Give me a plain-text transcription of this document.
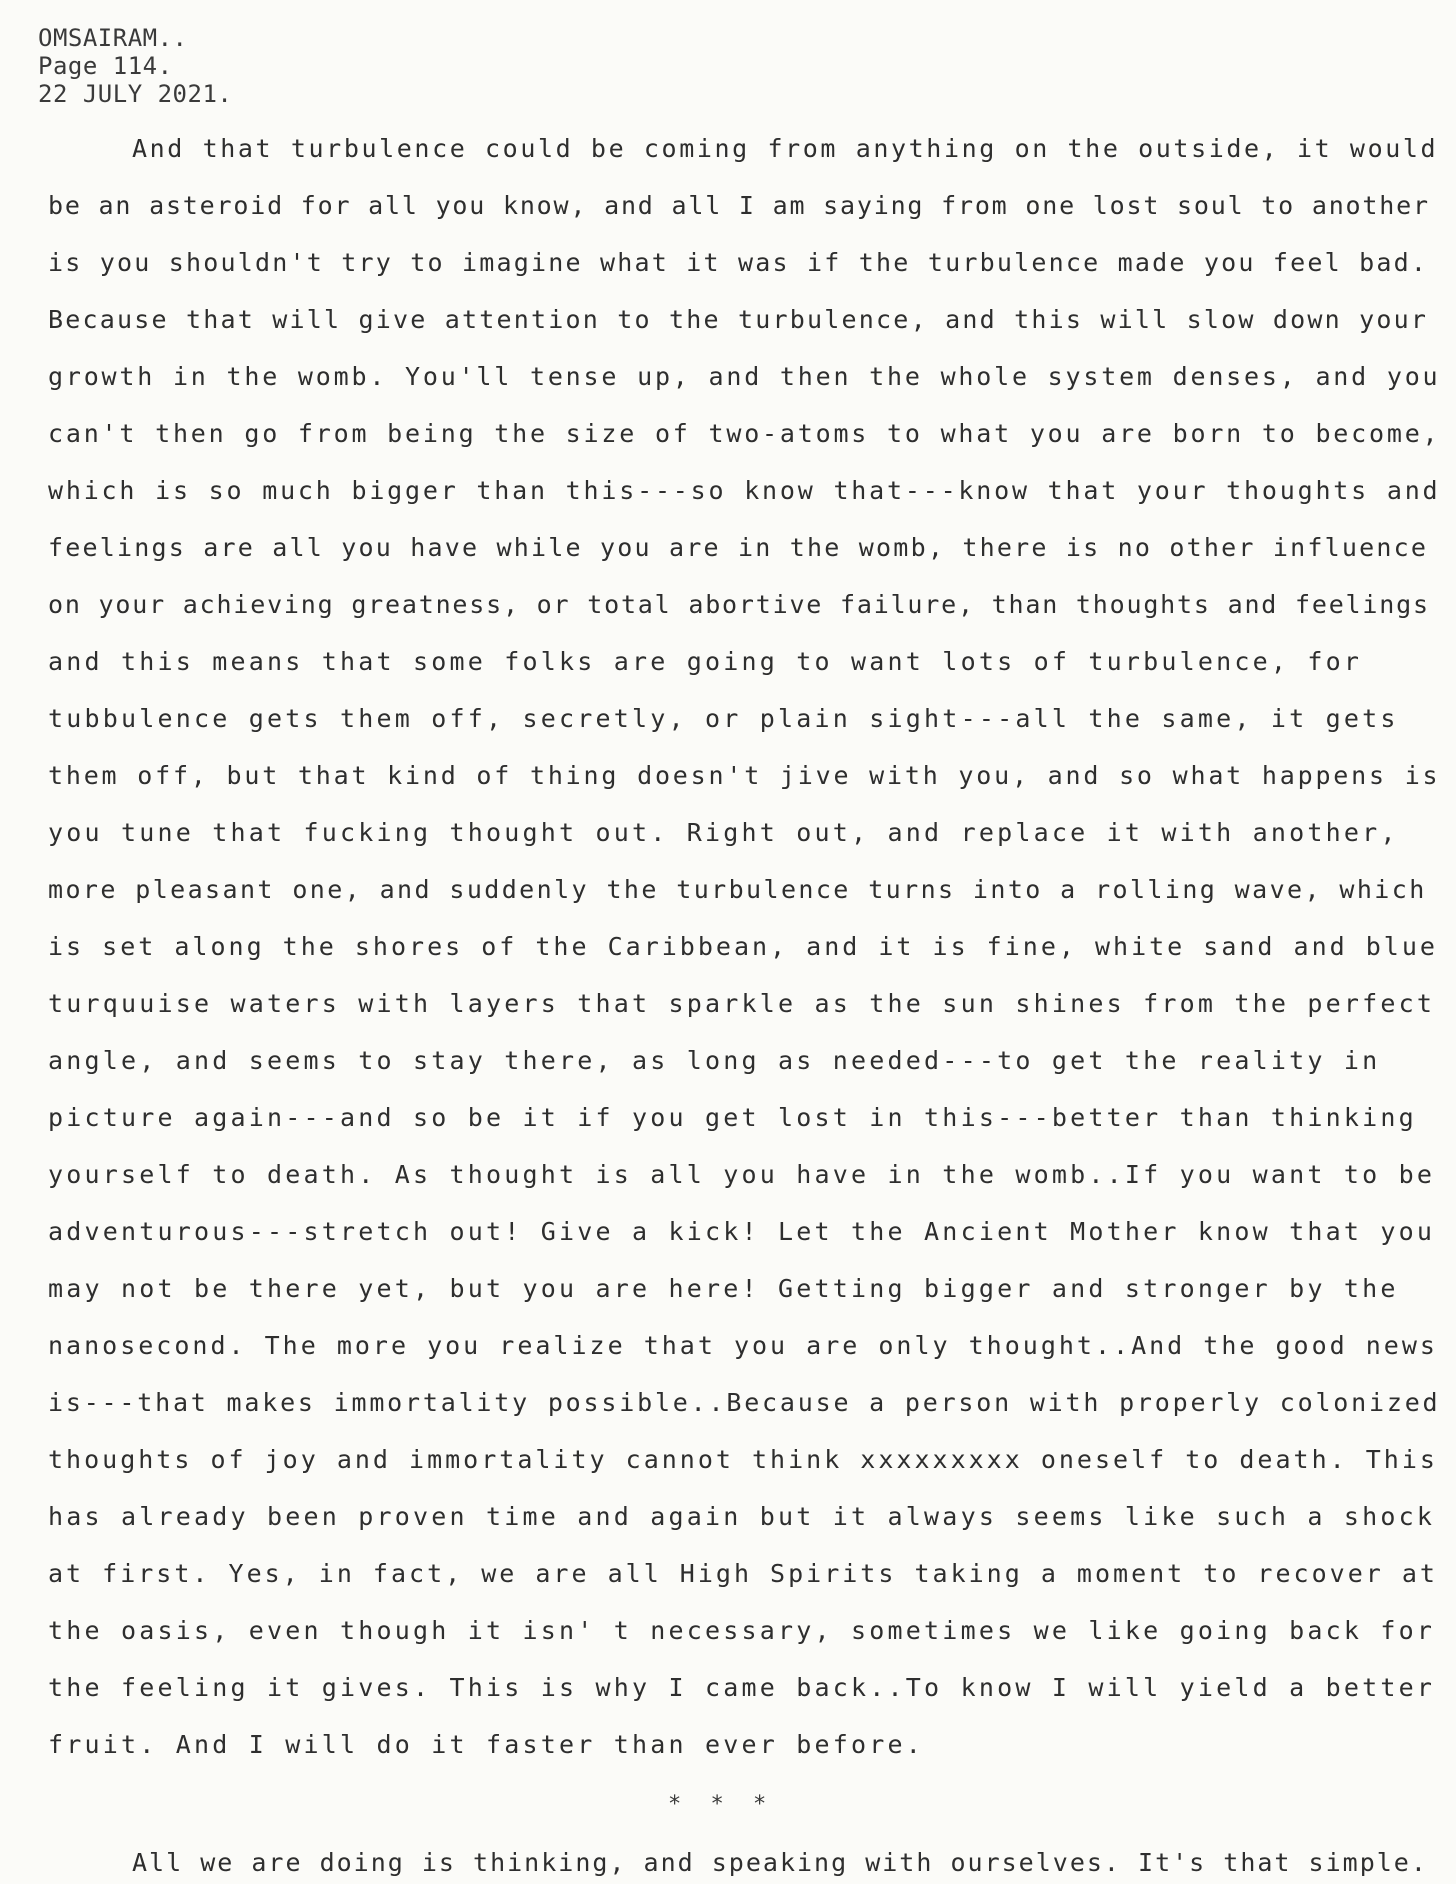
OMSAIRAM..
Page 114.
22 JULY 2021.
And that turbulence could be coming from anything on the outside, it would
be an asteroid for all you know, and all I am saying from one lost soul to another
is you shouldn't try to imagine what it was if the turbulence made you feel bad.
Because that will give attention to the turbulence, and this will slow down your
growth in the womb. You'll tense up, and then the whole system denses, and you
can't then go from being the size of two-atoms to what you are born to become,
which is so much bigger than this---so know that---know that your thoughts and
feelings are all you have while you are in the womb, there is no other influence
on your achieving greatness, or total abortive failure, than thoughts and feelings
and this means that some folks are going to want lots of turbulence, for
tubbulence gets them off, secretly, or plain sight---all the same, it gets
them off, but that kind of thing doesn't jive with you, and so what happens is
you tune that fucking thought out. Right out, and replace it with another,
more pleasant one, and suddenly the turbulence turns into a rolling wave, which
is set along the shores of the Caribbean, and it is fine, white sand and blue
turquuise waters with layers that sparkle as the sun shines from the perfect
angle, and seems to stay there, as long as needed---to get the reality in
picture again---and so be it if you get lost in this---better than thinking
yourself to death. As thought is all you have in the womb..If you want to be
adventurous---stretch out! Give a kick! Let the Ancient Mother know that you
may not be there yet, but you are here! Getting bigger and stronger by the
nanosecond. The more you realize that you are only thought..And the good news
is---that makes immortality possible..Because a person with properly colonized
thoughts of joy and immortality cannot think xxxxxxxxx oneself to death. This
has already been proven time and again but it always seems like such a shock
at first. Yes, in fact, we are all High Spirits taking a moment to recover at
the oasis, even though it isn' t necessary, sometimes we like going back for
the feeling it gives. This is why I came back..To know I will yield a better
fruit. And I will do it faster than ever before.
* * *
All we are doing is thinking, and speaking with ourselves. It's that simple.
